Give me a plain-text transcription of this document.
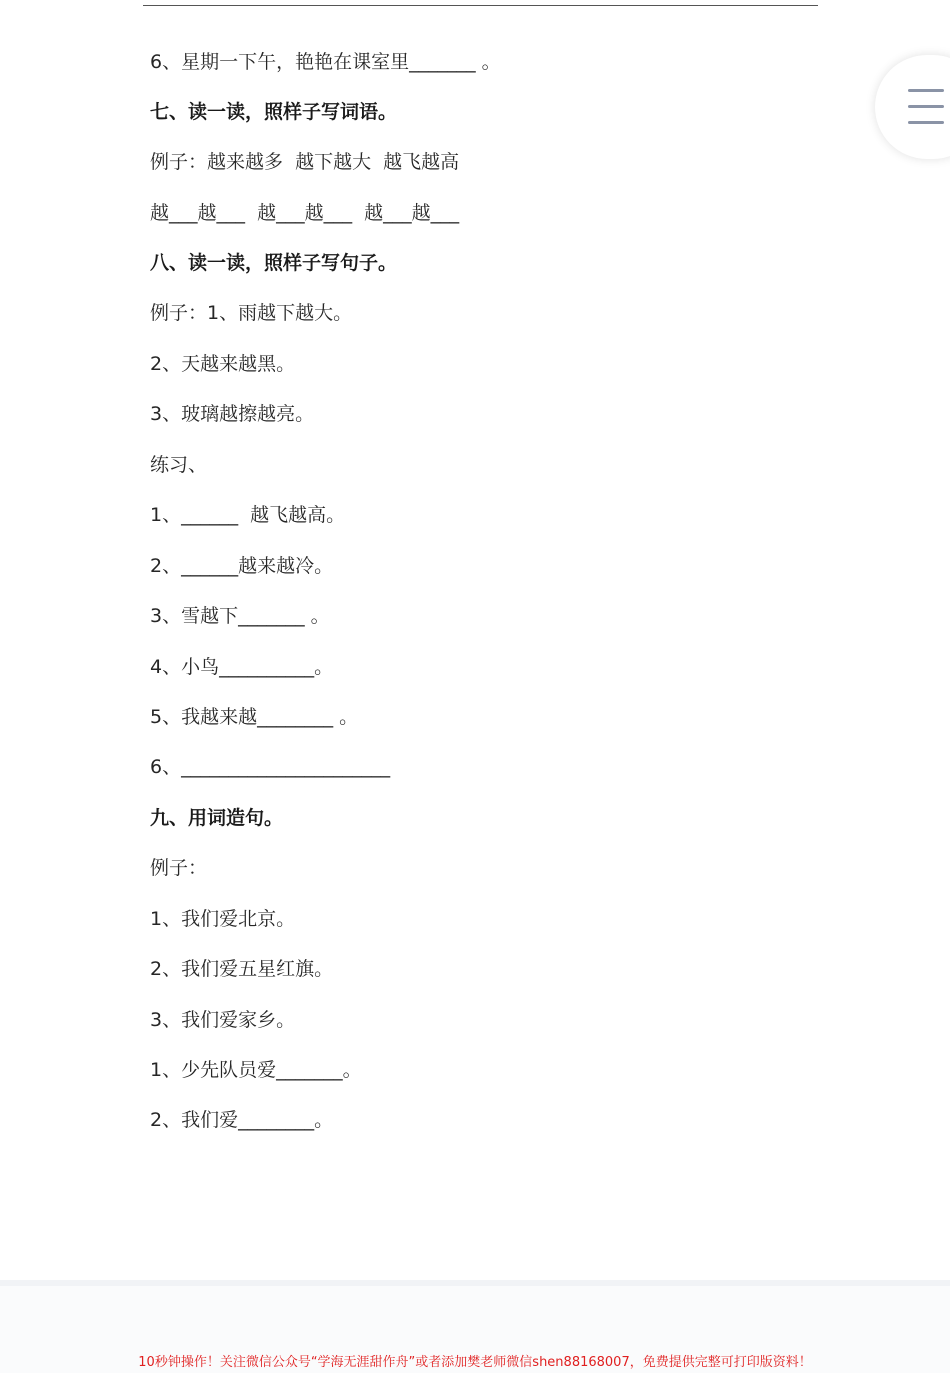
6、星期一下午，艳艳在课室里_______ 。
七、读一读，照样子写词语。
例子：越来越多  越下越大  越飞越高
越___越___  越___越___  越___越___
八、读一读，照样子写句子。
例子：1、雨越下越大。
2、天越来越黑。
3、玻璃越擦越亮。
练习、
1、______  越飞越高。
2、______越来越冷。
3、雪越下_______ 。
4、小鸟__________。
5、我越来越________ 。
6、______________________
九、用词造句。
例子：
1、我们爱北京。
2、我们爱五星红旗。
3、我们爱家乡。
1、少先队员爱_______。
2、我们爱________。
10秒钟操作！关注微信公众号“学海无涯甜作舟”或者添加樊老师微信shen88168007，免费提供完整可打印版资料！
